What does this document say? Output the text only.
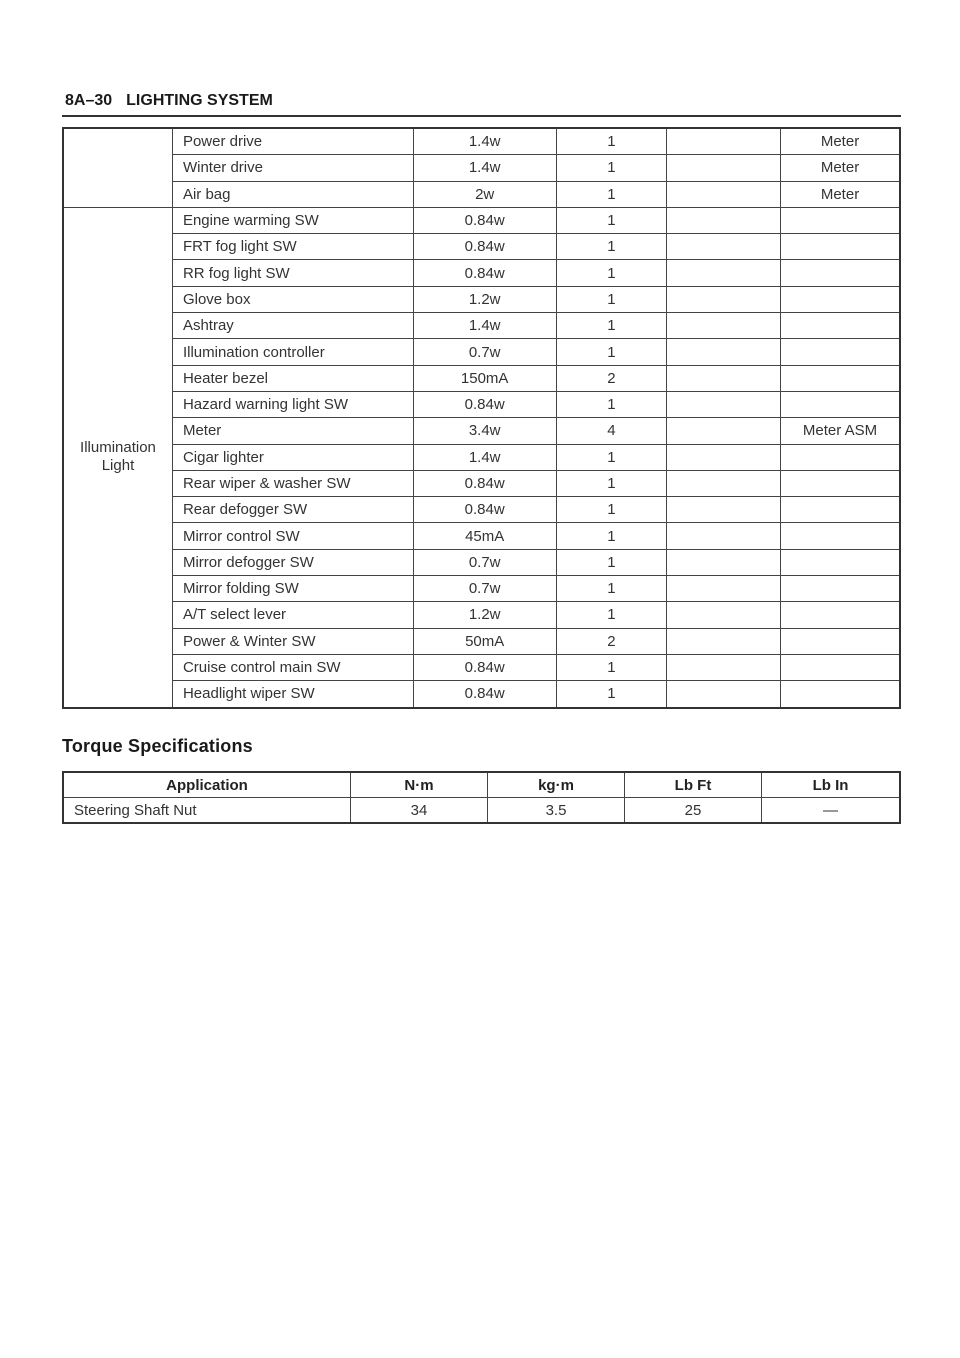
8A–30 LIGHTING SYSTEM
	Power drive	1.4w	1		Meter
	Winter drive	1.4w	1		Meter
	Air bag	2w	1		Meter
Illumination
Light	Engine warming SW	0.84w	1		
	FRT fog light SW	0.84w	1		
	RR fog light SW	0.84w	1		
	Glove box	1.2w	1		
	Ashtray	1.4w	1		
	Illumination controller	0.7w	1		
	Heater bezel	150mA	2		
	Hazard warning light SW	0.84w	1		
	Meter	3.4w	4		Meter ASM
	Cigar lighter	1.4w	1		
	Rear wiper & washer SW	0.84w	1		
	Rear defogger SW	0.84w	1		
	Mirror control SW	45mA	1		
	Mirror defogger SW	0.7w	1		
	Mirror folding SW	0.7w	1		
	A/T select lever	1.2w	1		
	Power & Winter SW	50mA	2		
	Cruise control main SW	0.84w	1		
	Headlight wiper SW	0.84w	1		
Torque Specifications
Application	N·m	kg·m	Lb Ft	Lb In
Steering Shaft Nut	34	3.5	25	—
